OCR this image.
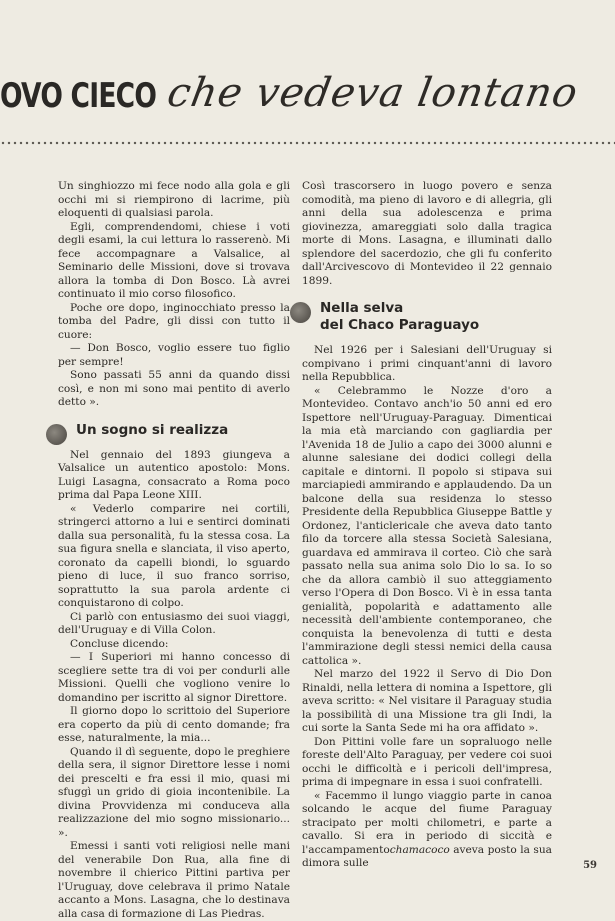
OVO CIECO che vedeva lontano

Un singhiozzo mi fece nodo alla gola e gli occhi mi si riempirono di lacrime, più eloquenti di qualsiasi parola.

Egli, comprendendomi, chiese i voti degli esami, la cui lettura lo rasserenò. Mi fece accompagnare a Valsalice, al Seminario delle Missioni, dove si trovava allora la tomba di Don Bosco. Là avrei continuato il mio corso filosofico.

Poche ore dopo, inginocchiato presso la tomba del Padre, gli dissi con tutto il cuore:

— Don Bosco, voglio essere tuo figlio per sempre!

Sono passati 55 anni da quando dissi così, e non mi sono mai pentito di averlo detto ».

Un sogno si realizza

Nel gennaio del 1893 giungeva a Valsalice un autentico apostolo: Mons. Luigi Lasagna, consacrato a Roma poco prima dal Papa Leone XIII.

« Vederlo comparire nei cortili, stringerci attorno a lui e sentirci dominati dalla sua personalità, fu la stessa cosa. La sua figura snella e slanciata, il viso aperto, coronato da capelli biondi, lo sguardo pieno di luce, il suo franco sorriso, soprattutto la sua parola ardente ci conquistarono di colpo.

Ci parlò con entusiasmo dei suoi viaggi, dell'Uruguay e di Villa Colon.

Concluse dicendo:

— I Superiori mi hanno concesso di scegliere sette tra di voi per condurli alle Missioni. Quelli che vogliono venire lo domandino per iscritto al signor Direttore.

Il giorno dopo lo scrittoio del Superiore era coperto da più di cento domande; fra esse, naturalmente, la mia...

Quando il dì seguente, dopo le preghiere della sera, il signor Direttore lesse i nomi dei prescelti e fra essi il mio, quasi mi sfuggì un grido di gioia incontenibile. La divina Provvidenza mi conduceva alla realizzazione del mio sogno missionario... ».

Emessi i santi voti religiosi nelle mani del venerabile Don Rua, alla fine di novembre il chierico Pittini partiva per l'Uruguay, dove celebrava il primo Natale accanto a Mons. Lasagna, che lo destinava alla casa di formazione di Las Piedras.

Così trascorsero in luogo povero e senza comodità, ma pieno di lavoro e di allegria, gli anni della sua adolescenza e prima giovinezza, amareggiati solo dalla tragica morte di Mons. Lasagna, e illuminati dallo splendore del sacerdozio, che gli fu conferito dall'Arcivescovo di Montevideo il 22 gennaio 1899.

Nella selva
del Chaco Paraguayo

Nel 1926 per i Salesiani dell'Uruguay si compivano i primi cinquant'anni di lavoro nella Repubblica.

« Celebrammo le Nozze d'oro a Montevideo. Contavo anch'io 50 anni ed ero Ispettore nell'Uruguay-Paraguay. Dimenticai la mia età marciando con gagliardia per l'Avenida 18 de Julio a capo dei 3000 alunni e alunne salesiane dei dodici collegi della capitale e dintorni. Il popolo si stipava sui marciapiedi ammirando e applaudendo. Da un balcone della sua residenza lo stesso Presidente della Repubblica Giuseppe Battle y Ordonez, l'anticlericale che aveva dato tanto filo da torcere alla stessa Società Salesiana, guardava ed ammirava il corteo. Ciò che sarà passato nella sua anima solo Dio lo sa. Io so che da allora cambiò il suo atteggiamento verso l'Opera di Don Bosco. Vi è in essa tanta genialità, popolarità e adattamento alle necessità dell'ambiente contemporaneo, che conquista la benevolenza di tutti e desta l'ammirazione degli stessi nemici della causa cattolica ».

Nel marzo del 1922 il Servo di Dio Don Rinaldi, nella lettera di nomina a Ispettore, gli aveva scritto: « Nel visitare il Paraguay studia la possibilità di una Missione tra gli Indi, la cui sorte la Santa Sede mi ha ora affidato ».

Don Pittini volle fare un sopraluogo nelle foreste dell'Alto Paraguay, per vedere coi suoi occhi le difficoltà e i pericoli dell'impresa, prima di impegnare in essa i suoi confratelli.

« Facemmo il lungo viaggio parte in canoa solcando le acque del fiume Paraguay stracipato per molti chilometri, e parte a cavallo. Si era in periodo di siccità e l'accampamentochamacoco aveva posto la sua dimora sulle	59
